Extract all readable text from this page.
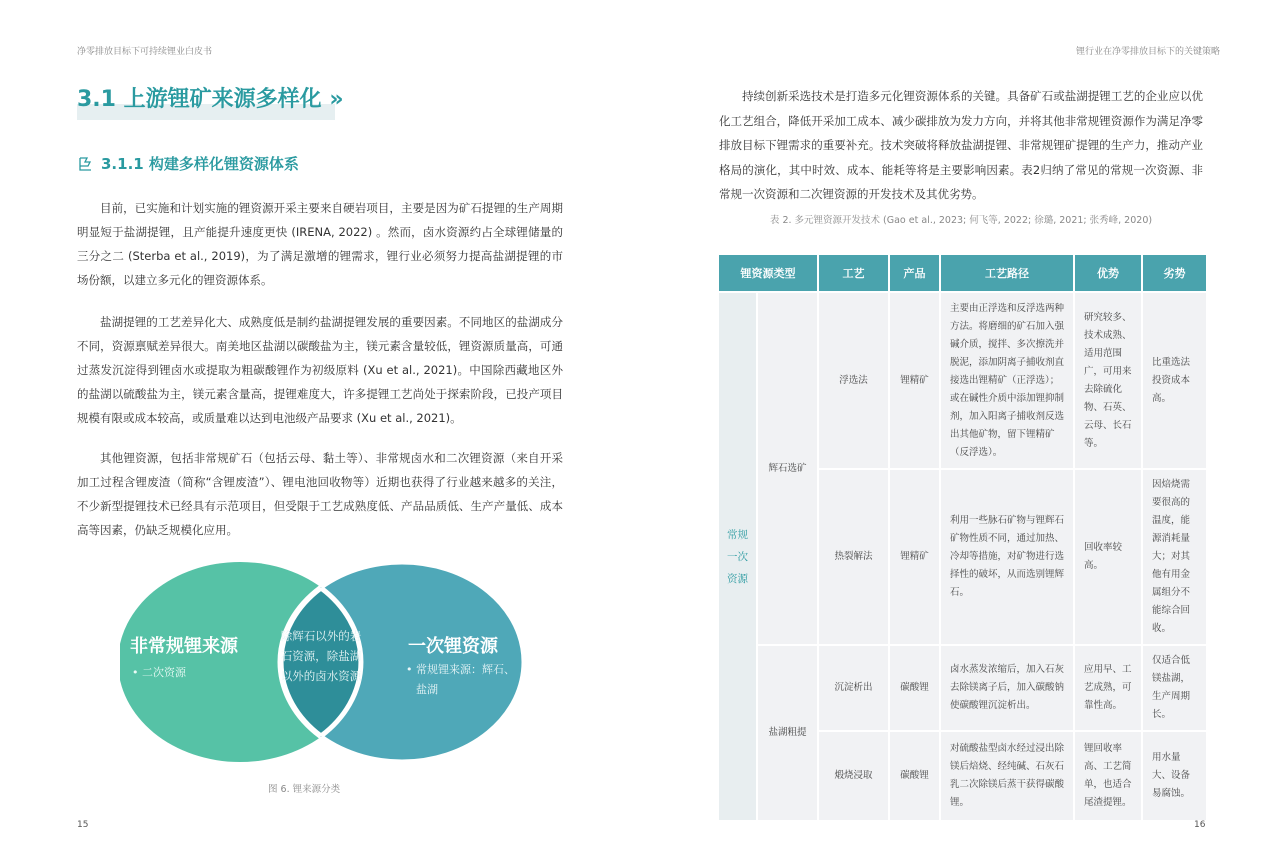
净零排放目标下可持续锂业白皮书	锂行业在净零排放目标下的关键策略
3.1 上游锂矿来源多样化 »
3.1.1 构建多样化锂资源体系

目前，已实施和计划实施的锂资源开采主要来自硬岩项目，主要是因为矿石提锂的生产周期明显短于盐湖提锂，且产能提升速度更快 (IRENA, 2022) 。然而，卤水资源约占全球锂储量的三分之二 (Sterba et al., 2019)，为了满足激增的锂需求，锂行业必须努力提高盐湖提锂的市场份额，以建立多元化的锂资源体系。

盐湖提锂的工艺差异化大、成熟度低是制约盐湖提锂发展的重要因素。不同地区的盐湖成分不同，资源禀赋差异很大。南美地区盐湖以碳酸盐为主，镁元素含量较低，锂资源质量高，可通过蒸发沉淀得到锂卤水或提取为粗碳酸锂作为初级原料 (Xu et al., 2021)。中国除西藏地区外的盐湖以硫酸盐为主，镁元素含量高，提锂难度大，许多提锂工艺尚处于探索阶段，已投产项目规模有限或成本较高，或质量难以达到电池级产品要求 (Xu et al., 2021)。

其他锂资源，包括非常规矿石（包括云母、黏土等）、非常规卤水和二次锂资源（来自开采加工过程含锂废渣（简称“含锂废渣”）、锂电池回收物等）近期也获得了行业越来越多的关注，不少新型提锂技术已经具有示范项目，但受限于工艺成熟度低、产品品质低、生产产量低、成本高等因素，仍缺乏规模化应用。

非常规锂来源
• 二次资源
除辉石以外的岩石资源，除盐湖以外的卤水资源
一次锂资源
• 常规锂来源：辉石、盐湖
图 6. 锂来源分类
15

持续创新采选技术是打造多元化锂资源体系的关键。具备矿石或盐湖提锂工艺的企业应以优化工艺组合，降低开采加工成本、减少碳排放为发力方向，并将其他非常规锂资源作为满足净零排放目标下锂需求的重要补充。技术突破将释放盐湖提锂、非常规锂矿提锂的生产力，推动产业格局的演化，其中时效、成本、能耗等将是主要影响因素。表2归纳了常见的常规一次资源、非常规一次资源和二次锂资源的开发技术及其优劣势。

表 2. 多元锂资源开发技术 (Gao et al., 2023; 何飞等, 2022; 徐璐, 2021; 张秀峰, 2020)
锂资源类型		工艺	产品	工艺路径	优势	劣势
常规一次资源	辉石选矿	浮选法	锂精矿	主要由正浮选和反浮选两种方法。将磨细的矿石加入强碱介质，搅拌、多次擦洗并脱泥，添加阴离子捕收剂直接选出锂精矿（正浮选）；或在碱性介质中添加锂抑制剂，加入阳离子捕收剂反选出其他矿物，留下锂精矿（反浮选）。	研究较多、技术成熟、适用范围广，可用来去除硫化物、石英、云母、长石等。	比重选法投资成本高。
		热裂解法	锂精矿	利用一些脉石矿物与锂辉石矿物性质不同，通过加热、冷却等措施，对矿物进行选择性的破坏，从而选别锂辉石。	回收率较高。	因焙烧需要很高的温度，能源消耗量大；对其他有用金属组分不能综合回收。
	盐湖粗提	沉淀析出	碳酸锂	卤水蒸发浓缩后，加入石灰去除镁离子后，加入碳酸钠使碳酸锂沉淀析出。	应用早、工艺成熟，可靠性高。	仅适合低镁盐湖，生产周期长。
		煅烧浸取	碳酸锂	对硫酸盐型卤水经过浸出除镁后焙烧、经纯碱、石灰石乳二次除镁后蒸干获得碳酸锂。	锂回收率高、工艺简单，也适合尾渣提锂。	用水量大、设备易腐蚀。
16
